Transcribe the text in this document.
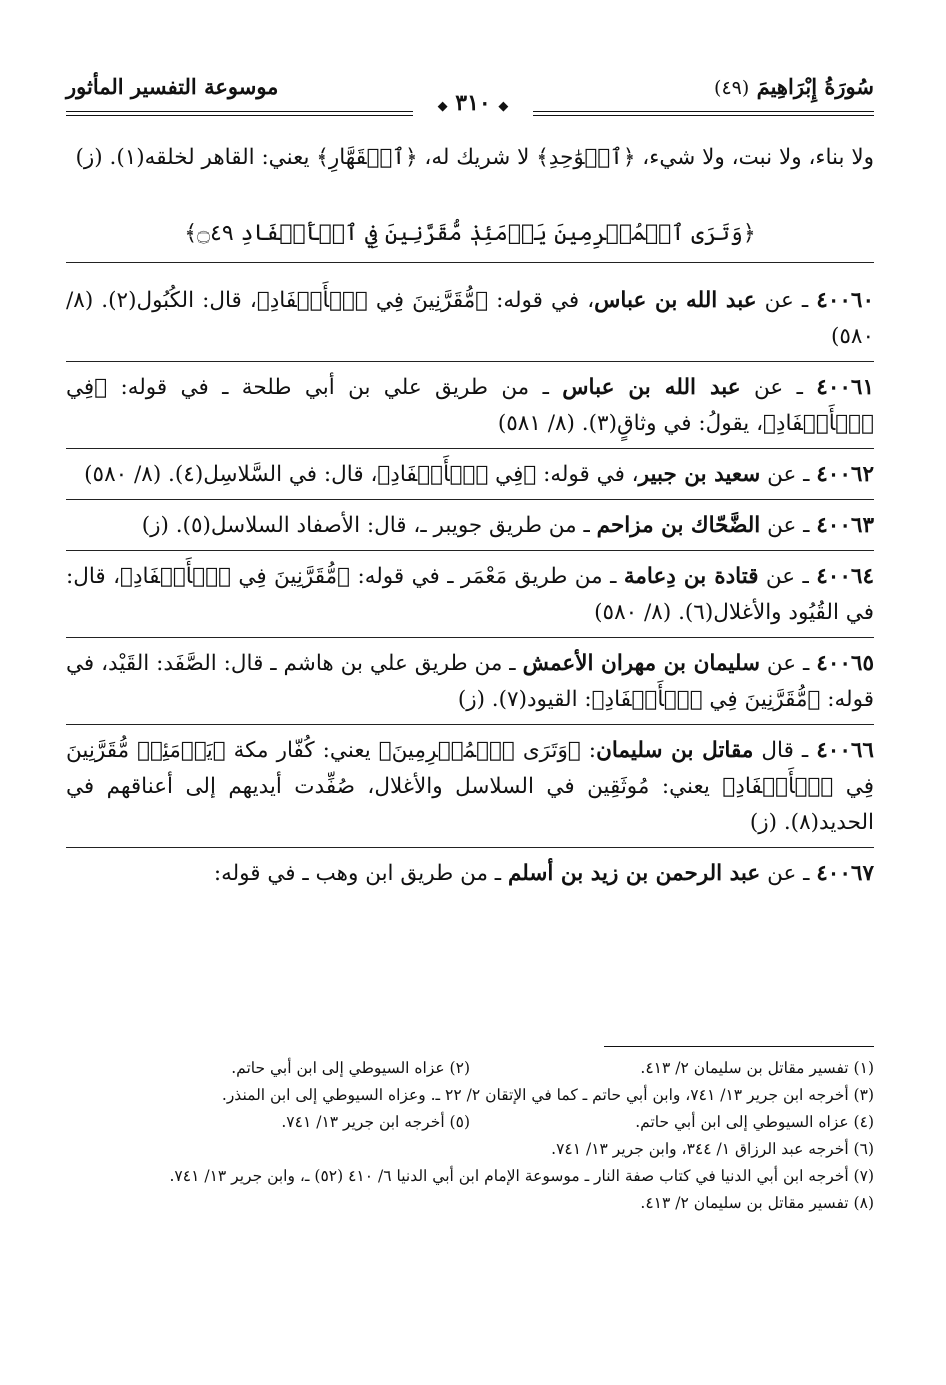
سُورَةُ إِبْرَاهِيمَ (٤٩)
موسوعة التفسير المأثور
◆ ٣١٠ ◆

ولا بناء، ولا نبت، ولا شيء، ﴿ٱلۡوَٰحِدِ﴾ لا شريك له، ﴿ٱلۡقَهَّارِ﴾ يعني: القاهر لخلقه(١). (ز)

﴿وَتَرَى ٱلۡمُجۡرِمِينَ يَوۡمَئِذٖ مُّقَرَّنِينَ فِي ٱلۡأَصۡفَادِ ۝٤٩﴾

٤٠٠٦٠ ـ عن عبد الله بن عباس، في قوله: ﴿مُّقَرَّنِينَ فِي ٱلۡأَصۡفَادِ﴾، قال: الكُبُول(٢). (٨/ ٥٨٠)

٤٠٠٦١ ـ عن عبد الله بن عباس ـ من طريق علي بن أبي طلحة ـ في قوله: ﴿فِي ٱلۡأَصۡفَادِ﴾، يقولُ: في وثاقٍ(٣). (٨/ ٥٨١)

٤٠٠٦٢ ـ عن سعيد بن جبير، في قوله: ﴿فِي ٱلۡأَصۡفَادِ﴾، قال: في السَّلاسِل(٤). (٨/ ٥٨٠)

٤٠٠٦٣ ـ عن الضَّحّاك بن مزاحم ـ من طريق جويبر ـ، قال: الأصفاد السلاسل(٥). (ز)

٤٠٠٦٤ ـ عن قتادة بن دِعامة ـ من طريق مَعْمَر ـ في قوله: ﴿مُّقَرَّنِينَ فِي ٱلۡأَصۡفَادِ﴾، قال: في القُيُود والأغلال(٦). (٨/ ٥٨٠)

٤٠٠٦٥ ـ عن سليمان بن مهران الأعمش ـ من طريق علي بن هاشم ـ قال: الصَّفَد: القَيْد، في قوله: ﴿مُّقَرَّنِينَ فِي ٱلۡأَصۡفَادِ﴾: القيود(٧). (ز)

٤٠٠٦٦ ـ قال مقاتل بن سليمان: ﴿وَتَرَى ٱلۡمُجۡرِمِينَ﴾ يعني: كُفّار مكة ﴿يَوۡمَئِذٖ مُّقَرَّنِينَ فِي ٱلۡأَصۡفَادِ﴾ يعني: مُوثَقِين في السلاسل والأغلال، صُفِّدت أيديهم إلى أعناقهم في الحديد(٨). (ز)

٤٠٠٦٧ ـ عن عبد الرحمن بن زيد بن أسلم ـ من طريق ابن وهب ـ في قوله:

(١) تفسير مقاتل بن سليمان ٢/ ٤١٣.
(٢) عزاه السيوطي إلى ابن أبي حاتم.

(٣) أخرجه ابن جرير ١٣/ ٧٤١، وابن أبي حاتم ـ كما في الإتقان ٢/ ٢٢ ـ. وعزاه السيوطي إلى ابن المنذر.

(٤) عزاه السيوطي إلى ابن أبي حاتم.
(٥) أخرجه ابن جرير ١٣/ ٧٤١.

(٦) أخرجه عبد الرزاق ١/ ٣٤٤، وابن جرير ١٣/ ٧٤١.

(٧) أخرجه ابن أبي الدنيا في كتاب صفة النار ـ موسوعة الإمام ابن أبي الدنيا ٦/ ٤١٠ (٥٢) ـ، وابن جرير ١٣/ ٧٤١.

(٨) تفسير مقاتل بن سليمان ٢/ ٤١٣.
